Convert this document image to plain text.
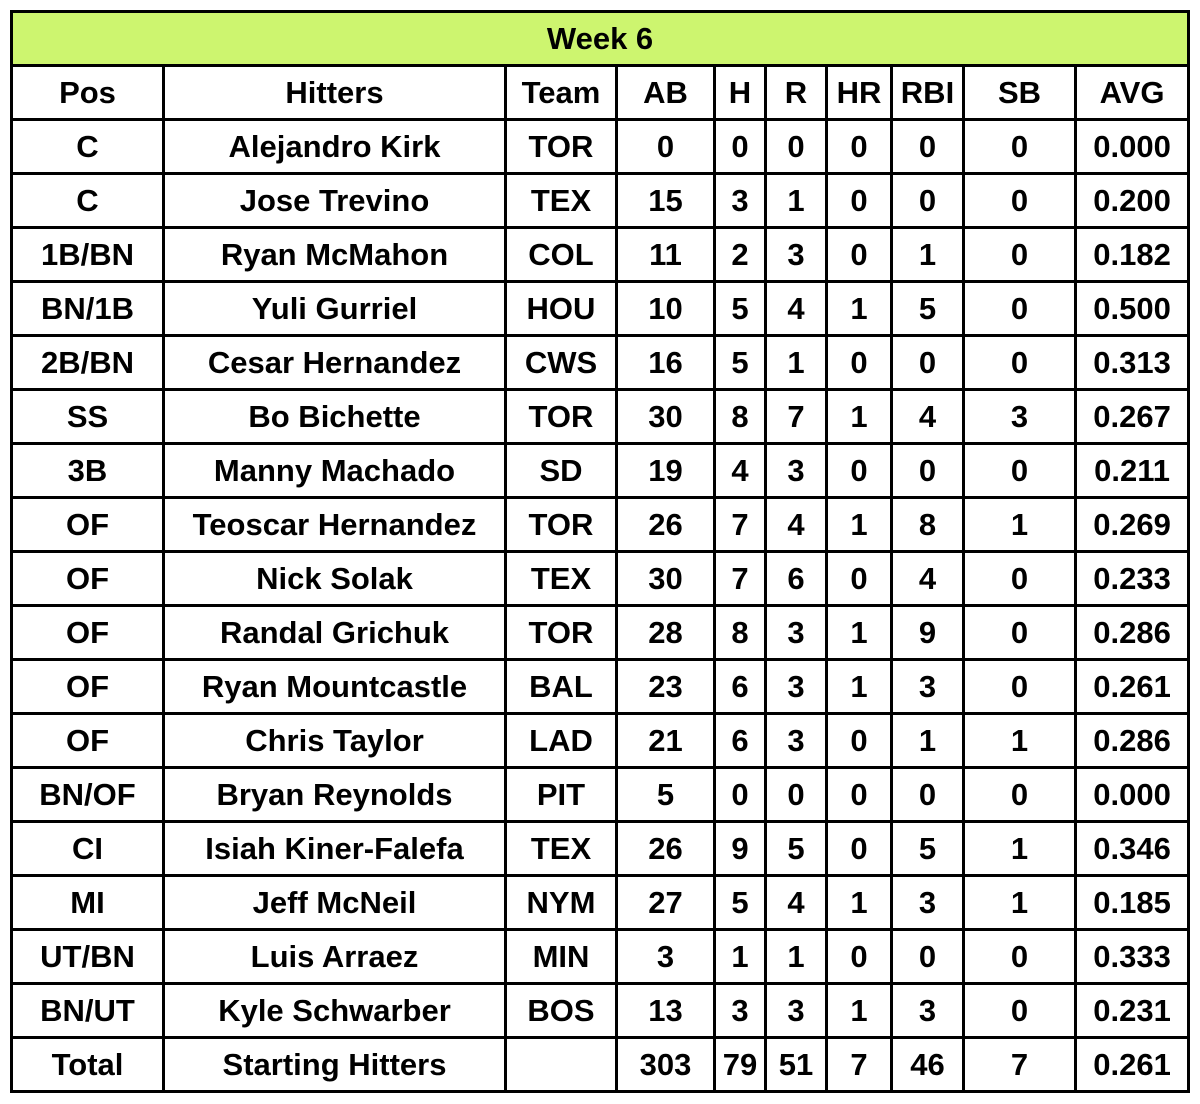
Week 6									
Pos	Hitters	Team	AB	H	R	HR	RBI	SB	AVG
C	Alejandro Kirk	TOR	0	0	0	0	0	0	0.000
C	Jose Trevino	TEX	15	3	1	0	0	0	0.200
1B/BN	Ryan McMahon	COL	11	2	3	0	1	0	0.182
BN/1B	Yuli Gurriel	HOU	10	5	4	1	5	0	0.500
2B/BN	Cesar Hernandez	CWS	16	5	1	0	0	0	0.313
SS	Bo Bichette	TOR	30	8	7	1	4	3	0.267
3B	Manny Machado	SD	19	4	3	0	0	0	0.211
OF	Teoscar Hernandez	TOR	26	7	4	1	8	1	0.269
OF	Nick Solak	TEX	30	7	6	0	4	0	0.233
OF	Randal Grichuk	TOR	28	8	3	1	9	0	0.286
OF	Ryan Mountcastle	BAL	23	6	3	1	3	0	0.261
OF	Chris Taylor	LAD	21	6	3	0	1	1	0.286
BN/OF	Bryan Reynolds	PIT	5	0	0	0	0	0	0.000
CI	Isiah Kiner-Falefa	TEX	26	9	5	0	5	1	0.346
MI	Jeff McNeil	NYM	27	5	4	1	3	1	0.185
UT/BN	Luis Arraez	MIN	3	1	1	0	0	0	0.333
BN/UT	Kyle Schwarber	BOS	13	3	3	1	3	0	0.231
Total	Starting Hitters		303	79	51	7	46	7	0.261
